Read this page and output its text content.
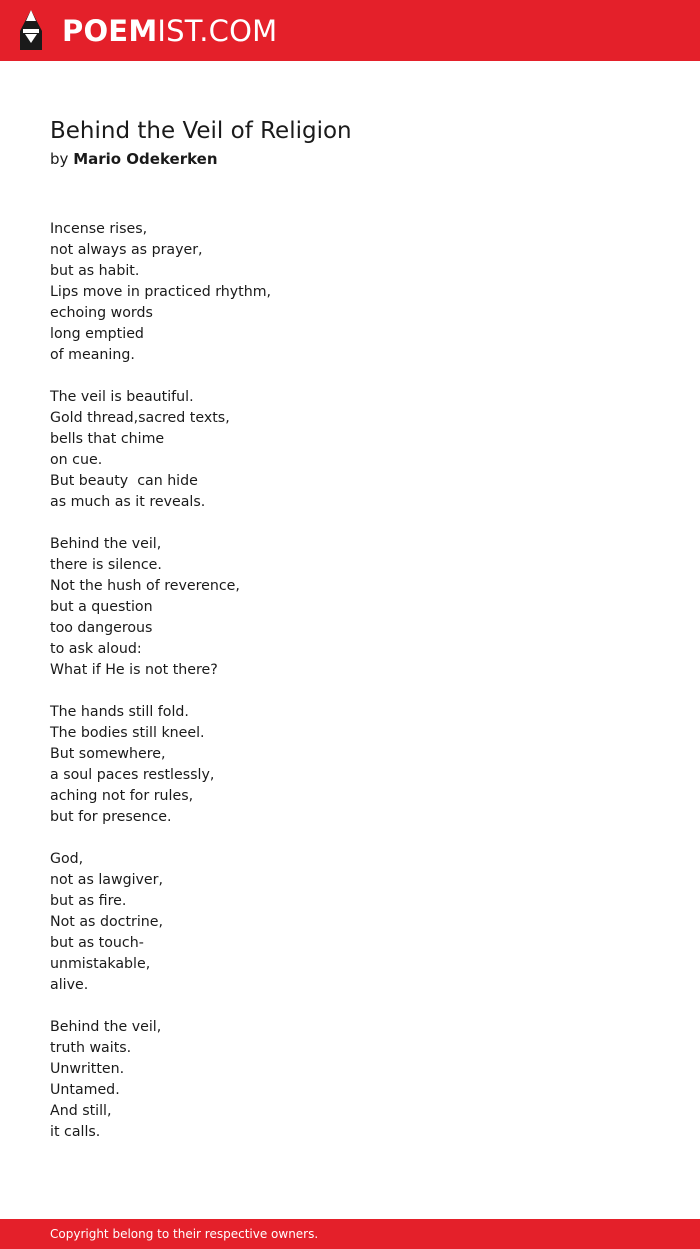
POEMIST.COM
Behind the Veil of Religion
by Mario Odekerken
Incense rises,
not always as prayer,
but as habit.
Lips move in practiced rhythm,
echoing words
long emptied
of meaning.
The veil is beautiful.
Gold thread,sacred texts,
bells that chime
on cue.
But beauty  can hide
as much as it reveals.
Behind the veil,
there is silence.
Not the hush of reverence,
but a question
too dangerous
to ask aloud:
What if He is not there?
The hands still fold.
The bodies still kneel.
But somewhere,
a soul paces restlessly,
aching not for rules,
but for presence.
God,
not as lawgiver,
but as fire.
Not as doctrine,
but as touch-
unmistakable,
alive.
Behind the veil,
truth waits.
Unwritten.
Untamed.
And still,
it calls.
Copyright belong to their respective owners.
